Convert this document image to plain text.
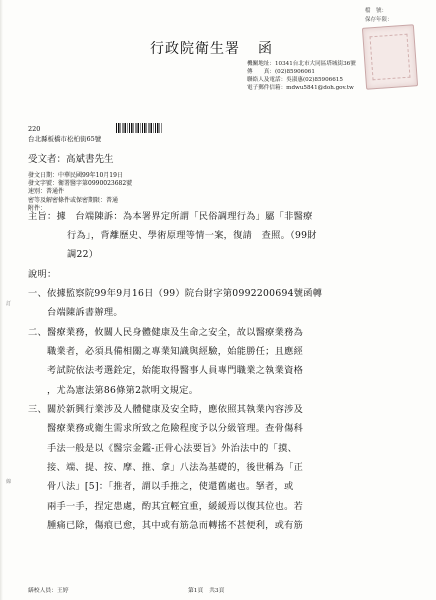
檔　號：
保存年限：
行政院衛生署 函
機關地址：10341台北市大同區塔城街36號
傳　　真：(02)85906061
聯絡人及電話：吳淑惠(02)85906615
電子郵件信箱：mdwu5841@doh.gov.tw
220
台北縣板橋市松柏街65號
受文者：高斌書先生
發文日期：中華民國99年10月19日
發文字號：衛署醫字第0990023682號
速別：普通件
密等及解密條件或保密期限：普通
附件：
主旨：據　台端陳訴：為本署界定所謂「民俗調理行為」屬「非醫療
行為」，背離歷史、學術原理等情一案，復請　查照。（99財
調22）
說明：
一、依據監察院99年9月16日（99）院台財字第0992200694號函轉
　　台端陳訴書辦理。
二、醫療業務，攸關人民身體健康及生命之安全，故以醫療業務為
　　職業者，必須具備相關之專業知識與經驗，始能勝任；且應經
　　考試院依法考選銓定，始能取得醫事人員專門職業之執業資格
　　，尤為憲法第86條第2款明文規定。
三、關於新興行業涉及人體健康及安全時，應依照其執業內容涉及
　　醫療業務或衛生需求所致之危險程度予以分級管理。查骨傷科
　　手法一般是以《醫宗金鑑-正骨心法要旨》外治法中的「摸、
　　接、端、提、按、摩、推、拿」八法為基礎的，後世稱為「正
　　骨八法」[5]：「推者，謂以手推之，使還舊處也。拏者，或
　　兩手一手，捏定患處，酌其宜輕宜重，緩緩焉以復其位也。若
　　腫痛已除，傷痕已愈，其中或有筋急而轉搖不甚便利，或有筋
訂
線
繕校人員：王婷	第1頁　共3頁
